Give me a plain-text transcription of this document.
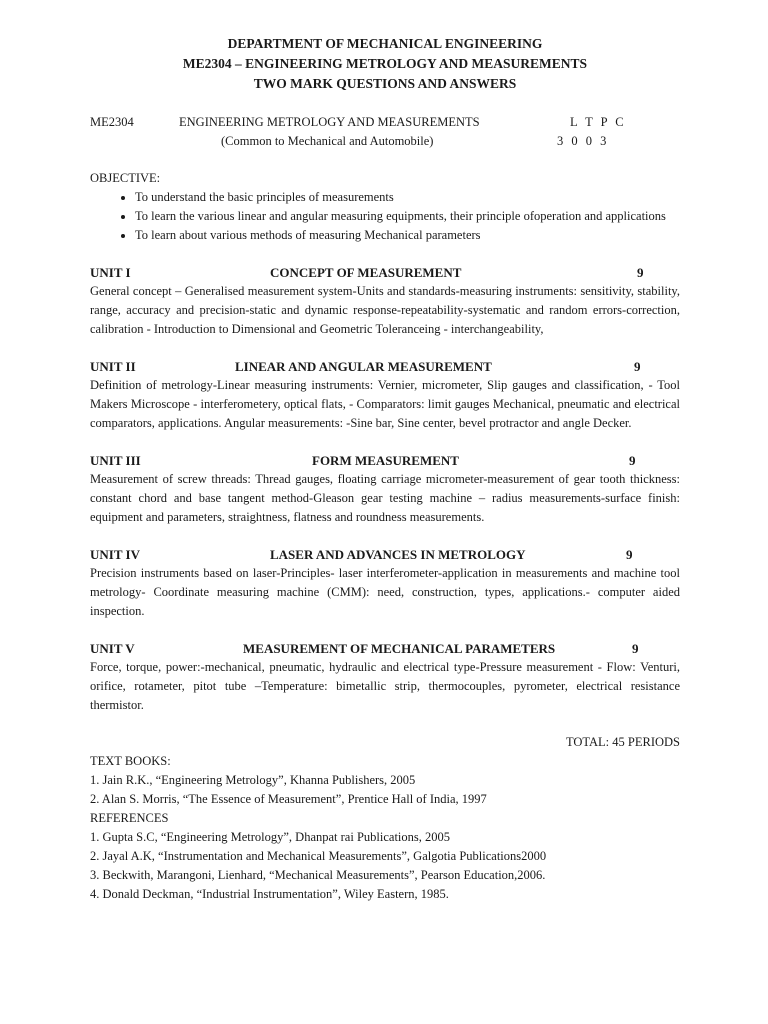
DEPARTMENT OF MECHANICAL ENGINEERING
ME2304 – ENGINEERING METROLOGY AND MEASUREMENTS
TWO MARK QUESTIONS AND ANSWERS
ME2304	ENGINEERING METROLOGY AND MEASUREMENTS	L T P C
(Common to Mechanical and Automobile)	3 0 0 3
OBJECTIVE:
• To understand the basic principles of measurements
• To learn the various linear and angular measuring equipments, their principle ofoperation and applications
• To learn about various methods of measuring Mechanical parameters
UNIT I	CONCEPT OF MEASUREMENT	9
General concept – Generalised measurement system-Units and standards-measuring instruments: sensitivity, stability, range, accuracy and precision-static and dynamic response-repeatability-systematic and random errors-correction, calibration - Introduction to Dimensional and Geometric Toleranceing - interchangeability,
UNIT II	LINEAR AND ANGULAR MEASUREMENT	9
Definition of metrology-Linear measuring instruments: Vernier, micrometer, Slip gauges and classification, - Tool Makers Microscope - interferometery, optical flats, - Comparators: limit gauges Mechanical, pneumatic and electrical comparators, applications. Angular measurements: -Sine bar, Sine center, bevel protractor and angle Decker.
UNIT III	FORM MEASUREMENT	9
Measurement of screw threads: Thread gauges, floating carriage micrometer-measurement of gear tooth thickness: constant chord and base tangent method-Gleason gear testing machine – radius measurements-surface finish: equipment and parameters, straightness, flatness and roundness measurements.
UNIT IV	LASER AND ADVANCES IN METROLOGY	9
Precision instruments based on laser-Principles- laser interferometer-application in measurements and machine tool metrology- Coordinate measuring machine (CMM): need, construction, types, applications.- computer aided inspection.
UNIT V	MEASUREMENT OF MECHANICAL PARAMETERS	9
Force, torque, power:-mechanical, pneumatic, hydraulic and electrical type-Pressure measurement - Flow: Venturi, orifice, rotameter, pitot tube –Temperature: bimetallic strip, thermocouples, pyrometer, electrical resistance thermistor.
TOTAL: 45 PERIODS
TEXT BOOKS:
1. Jain R.K., “Engineering Metrology”, Khanna Publishers, 2005
2. Alan S. Morris, “The Essence of Measurement”, Prentice Hall of India, 1997
REFERENCES
1. Gupta S.C, “Engineering Metrology”, Dhanpat rai Publications, 2005
2. Jayal A.K, “Instrumentation and Mechanical Measurements”, Galgotia Publications2000
3. Beckwith, Marangoni, Lienhard, “Mechanical Measurements”, Pearson Education,2006.
4. Donald Deckman, “Industrial Instrumentation”, Wiley Eastern, 1985.
